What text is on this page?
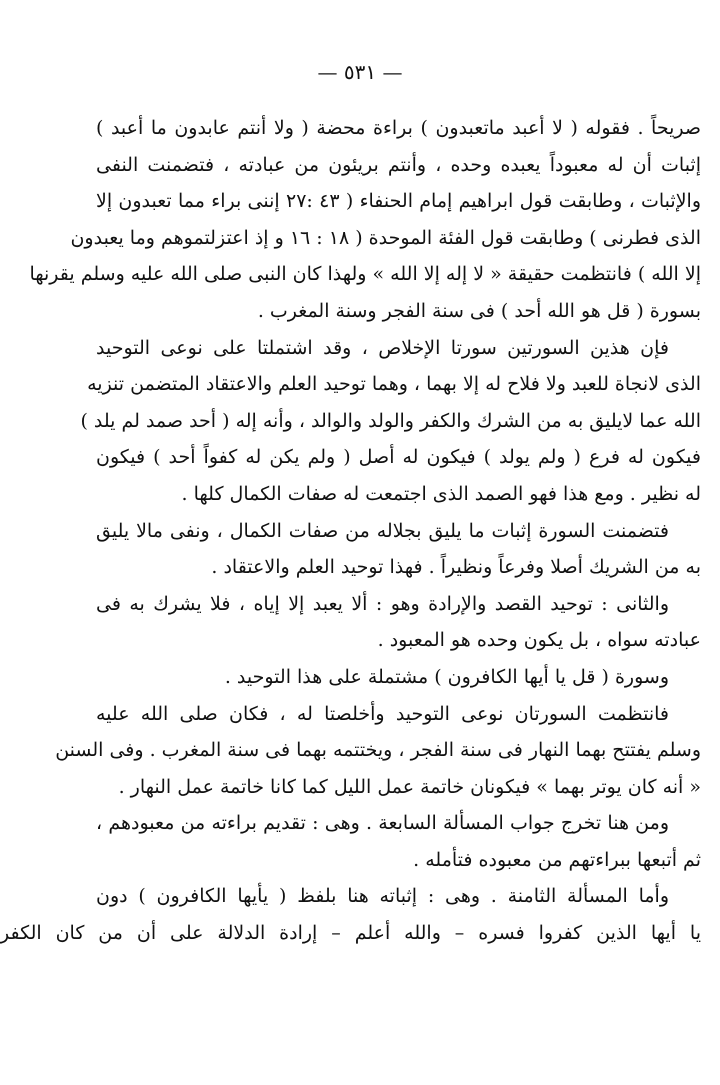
— ٥٣١ —
صريحاً . فقوله ( لا أعبد ماتعبدون ) براءة محضة ( ولا أنتم عابدون ما أعبد )
إثبات أن له معبوداً يعبده وحده ، وأنتم بريئون من عبادته ، فتضمنت النفى
والإثبات ، وطابقت قول ابراهيم إمام الحنفاء ( ٤٣ :٢٧ إننى براء مما تعبدون إلا
الذى فطرنى ) وطابقت قول الفئة الموحدة ( ١٨ : ١٦ و إذ اعتزلتموهم وما يعبدون
إلا الله ) فانتظمت حقيقة « لا إله إلا الله » ولهذا كان النبى صلى الله عليه وسلم يقرنها
بسورة ( قل هو الله أحد ) فى سنة الفجر وسنة المغرب .
فإن هذين السورتين سورتا الإخلاص ، وقد اشتملتا على نوعى التوحيد
الذى لانجاة للعبد ولا فلاح له إلا بهما ، وهما توحيد العلم والاعتقاد المتضمن تنزيه
الله عما لايليق به من الشرك والكفر والولد والوالد ، وأنه إله ( أحد صمد لم يلد )
فيكون له فرع ( ولم يولد ) فيكون له أصل ( ولم يكن له كفواً أحد ) فيكون
له نظير . ومع هذا فهو الصمد الذى اجتمعت له صفات الكمال كلها .
فتضمنت السورة إثبات ما يليق بجلاله من صفات الكمال ، ونفى مالا يليق
به من الشريك أصلا وفرعاً ونظيراً . فهذا توحيد العلم والاعتقاد .
والثانى : توحيد القصد والإرادة وهو : ألا يعبد إلا إياه ، فلا يشرك به فى
عبادته سواه ، بل يكون وحده هو المعبود .
وسورة ( قل يا أيها الكافرون ) مشتملة على هذا التوحيد .
فانتظمت السورتان نوعى التوحيد وأخلصتا له ، فكان صلى الله عليه
وسلم يفتتح بهما النهار فى سنة الفجر ، ويختتمه بهما فى سنة المغرب . وفى السنن
« أنه كان يوتر بهما » فيكونان خاتمة عمل الليل كما كانا خاتمة عمل النهار .
ومن هنا تخرج جواب المسألة السابعة . وهى : تقديم براءته من معبودهم ،
ثم أتبعها ببراءتهم من معبوده فتأمله .
وأما المسألة الثامنة . وهى : إثباته هنا بلفظ ( يأيها الكافرون ) دون
يا أيها الذين كفروا فسره – والله أعلم – إرادة الدلالة على أن من كان الكفر
